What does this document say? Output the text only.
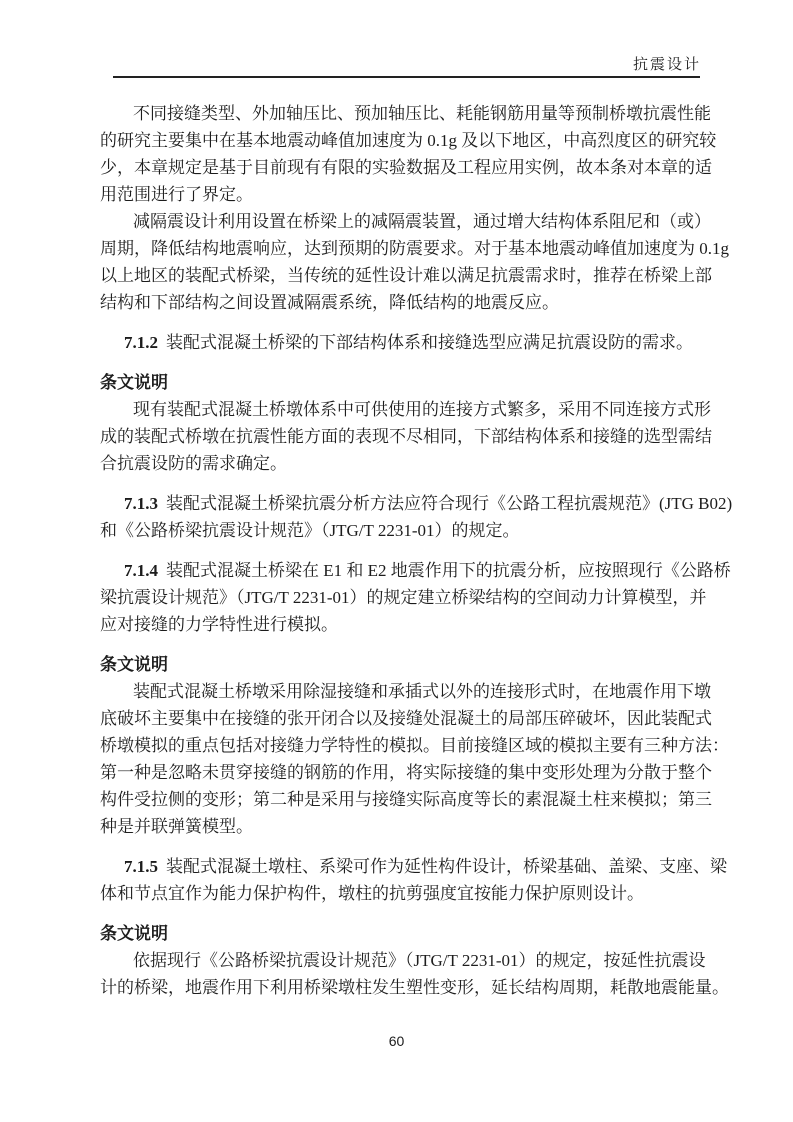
抗震设计
不同接缝类型、外加轴压比、预加轴压比、耗能钢筋用量等预制桥墩抗震性能
的研究主要集中在基本地震动峰值加速度为 0.1g 及以下地区，中高烈度区的研究较
少，本章规定是基于目前现有有限的实验数据及工程应用实例，故本条对本章的适
用范围进行了界定。
减隔震设计利用设置在桥梁上的减隔震装置，通过增大结构体系阻尼和（或）
周期，降低结构地震响应，达到预期的防震要求。对于基本地震动峰值加速度为 0.1g
以上地区的装配式桥梁，当传统的延性设计难以满足抗震需求时，推荐在桥梁上部
结构和下部结构之间设置减隔震系统，降低结构的地震反应。
7.1.2 装配式混凝土桥梁的下部结构体系和接缝选型应满足抗震设防的需求。
条文说明
现有装配式混凝土桥墩体系中可供使用的连接方式繁多，采用不同连接方式形
成的装配式桥墩在抗震性能方面的表现不尽相同，下部结构体系和接缝的选型需结
合抗震设防的需求确定。
7.1.3 装配式混凝土桥梁抗震分析方法应符合现行《公路工程抗震规范》(JTG B02)
和《公路桥梁抗震设计规范》（JTG/T 2231-01）的规定。
7.1.4 装配式混凝土桥梁在 E1 和 E2 地震作用下的抗震分析，应按照现行《公路桥
梁抗震设计规范》（JTG/T 2231-01）的规定建立桥梁结构的空间动力计算模型，并
应对接缝的力学特性进行模拟。
条文说明
装配式混凝土桥墩采用除湿接缝和承插式以外的连接形式时，在地震作用下墩
底破坏主要集中在接缝的张开闭合以及接缝处混凝土的局部压碎破坏，因此装配式
桥墩模拟的重点包括对接缝力学特性的模拟。目前接缝区域的模拟主要有三种方法：
第一种是忽略未贯穿接缝的钢筋的作用，将实际接缝的集中变形处理为分散于整个
构件受拉侧的变形；第二种是采用与接缝实际高度等长的素混凝土柱来模拟；第三
种是并联弹簧模型。
7.1.5 装配式混凝土墩柱、系梁可作为延性构件设计，桥梁基础、盖梁、支座、梁
体和节点宜作为能力保护构件，墩柱的抗剪强度宜按能力保护原则设计。
条文说明
依据现行《公路桥梁抗震设计规范》（JTG/T 2231-01）的规定，按延性抗震设
计的桥梁，地震作用下利用桥梁墩柱发生塑性变形，延长结构周期，耗散地震能量。
60
